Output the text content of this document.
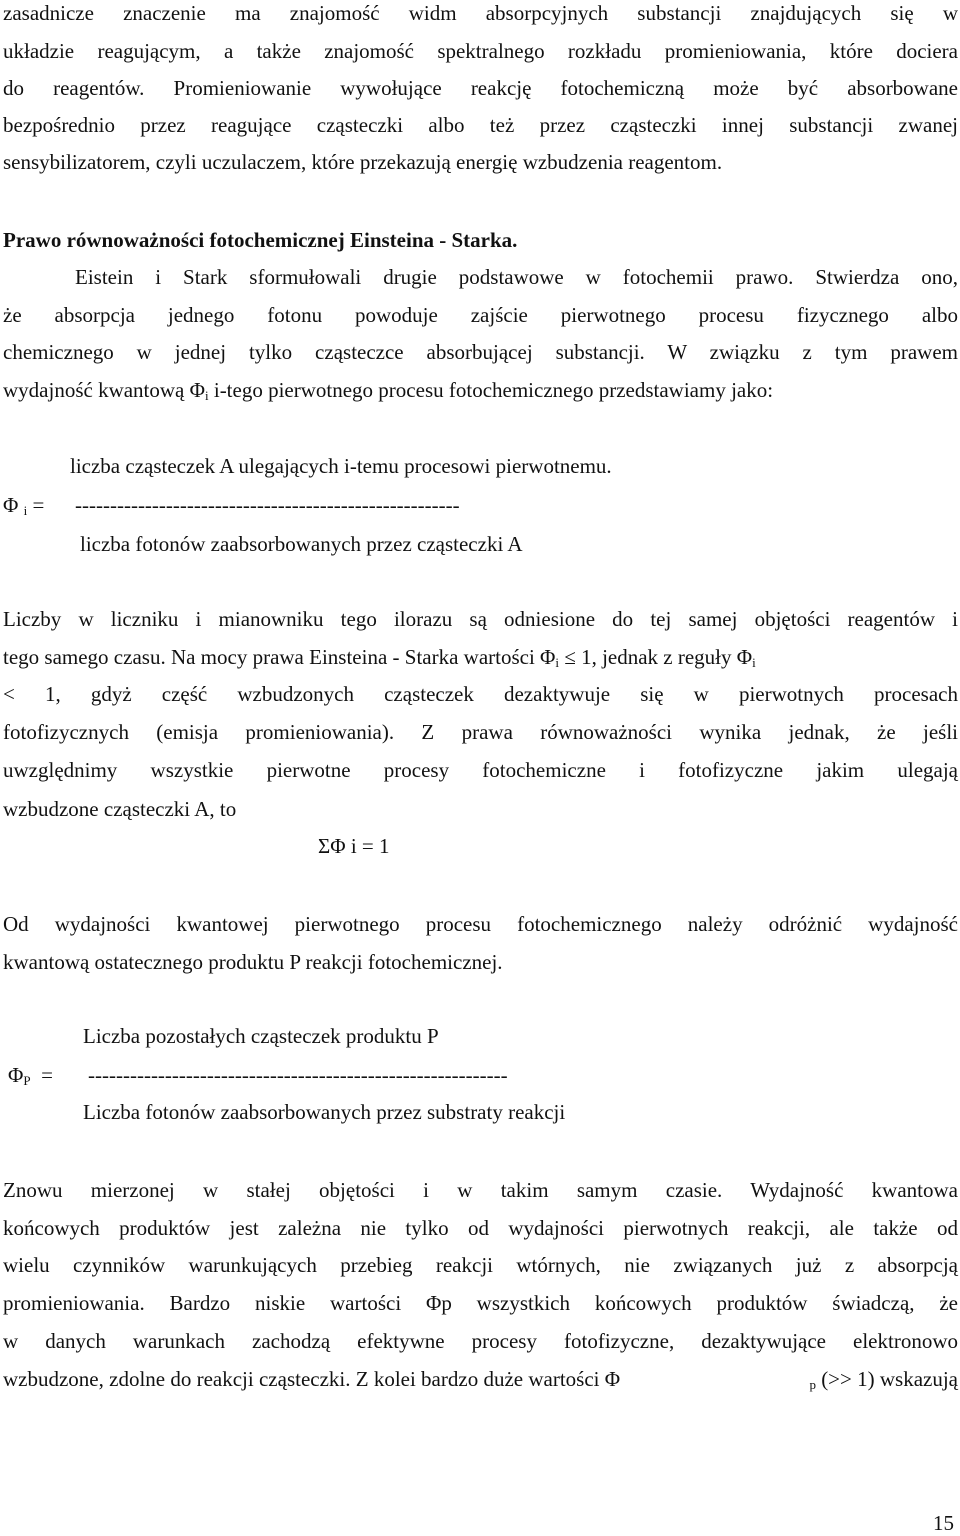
zasadnicze znaczenie ma znajomość widm absorpcyjnych substancji znajdujących się w
układzie reagującym, a także znajomość spektralnego rozkładu promieniowania, które dociera
do reagentów. Promieniowanie wywołujące reakcję fotochemiczną może być absorbowane
bezpośrednio przez reagujące cząsteczki albo też przez cząsteczki innej substancji zwanej
sensybilizatorem, czyli uczulaczem, które przekazują energię wzbudzenia reagentom.
Prawo równoważności fotochemicznej Einsteina - Starka.
Eistein i Stark sformułowali drugie podstawowe w fotochemii prawo. Stwierdza ono,
że absorpcja jednego fotonu powoduje zajście pierwotnego procesu fizycznego albo
chemicznego w jednej tylko cząsteczce absorbującej substancji. W związku z tym prawem
wydajność kwantową $\Phi_i$ i-tego pierwotnego procesu fotochemicznego przedstawiamy jako:
liczba cząsteczek A ulegających i-temu procesowi pierwotnemu.
Φ $_i$ = -------------------------------------------------------
liczba fotonów zaabsorbowanych przez cząsteczki A
Liczby w liczniku i mianowniku tego ilorazu są odniesione do tej samej objętości reagentów i
tego samego czasu. Na mocy prawa Einsteina - Starka wartości $\Phi_i \le 1$, jednak z reguły $\Phi_i$
< 1, gdyż część wzbudzonych cząsteczek dezaktywuje się w pierwotnych procesach
fotofizycznych (emisja promieniowania). Z prawa równoważności wynika jednak, że jeśli
uwzględnimy wszystkie pierwotne procesy fotochemiczne i fotofizyczne jakim ulegają
wzbudzone cząsteczki A, to
ΣΦ i = 1
Od wydajności kwantowej pierwotnego procesu fotochemicznego należy odróżnić wydajność
kwantową ostatecznego produktu P reakcji fotochemicznej.
Liczba pozostałych cząsteczek produktu P
$\Phi_P$ = ------------------------------------------------------------
Liczba fotonów zaabsorbowanych przez substraty reakcji
Znowu mierzonej w stałej objętości i w takim samym czasie. Wydajność kwantowa
końcowych produktów jest zależna nie tylko od wydajności pierwotnych reakcji, ale także od
wielu czynników warunkujących przebieg reakcji wtórnych, nie związanych już z absorpcją
promieniowania. Bardzo niskie wartości Φp wszystkich końcowych produktów świadczą, że
w danych warunkach zachodzą efektywne procesy fotofizyczne, dezaktywujące elektronowo
wzbudzone, zdolne do reakcji cząsteczki. Z kolei bardzo duże wartości Φ	$_p$ (>> 1) wskazują
15
